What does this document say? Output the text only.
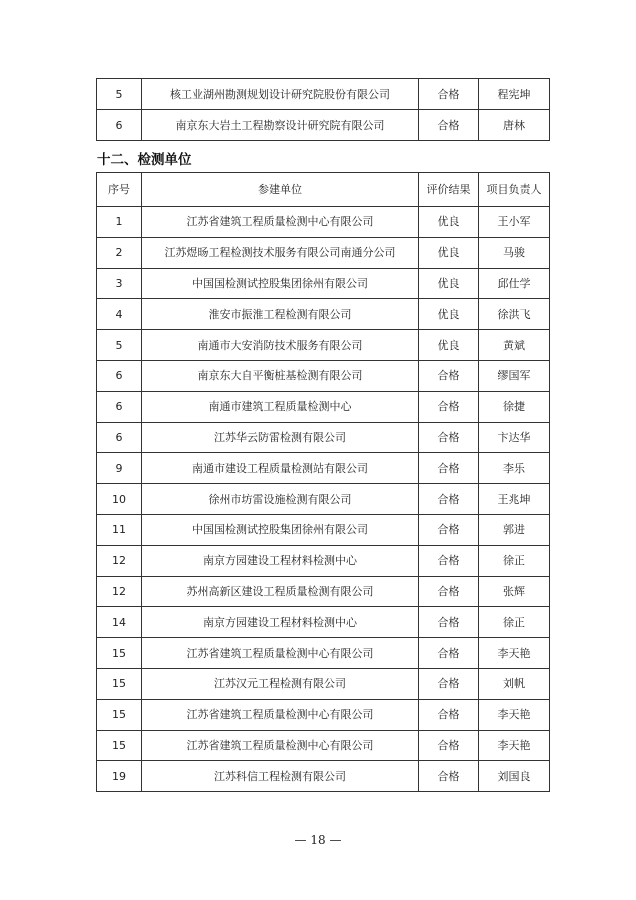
5	核工业湖州勘测规划设计研究院股份有限公司	合格	程宪坤
6	南京东大岩土工程勘察设计研究院有限公司	合格	唐林
十二、检测单位
序号	参建单位	评价结果	项目负责人
1	江苏省建筑工程质量检测中心有限公司	优良	王小军
2	江苏煜旸工程检测技术服务有限公司南通分公司	优良	马骏
3	中国国检测试控股集团徐州有限公司	优良	邱仕学
4	淮安市振淮工程检测有限公司	优良	徐洪飞
5	南通市大安消防技术服务有限公司	优良	黄斌
6	南京东大自平衡桩基检测有限公司	合格	缪国军
6	南通市建筑工程质量检测中心	合格	徐捷
6	江苏华云防雷检测有限公司	合格	卞达华
9	南通市建设工程质量检测站有限公司	合格	李乐
10	徐州市坊雷设施检测有限公司	合格	王兆坤
11	中国国检测试控股集团徐州有限公司	合格	郭进
12	南京方园建设工程材料检测中心	合格	徐正
12	苏州高新区建设工程质量检测有限公司	合格	张辉
14	南京方园建设工程材料检测中心	合格	徐正
15	江苏省建筑工程质量检测中心有限公司	合格	李天艳
15	江苏汉元工程检测有限公司	合格	刘帆
15	江苏省建筑工程质量检测中心有限公司	合格	李天艳
15	江苏省建筑工程质量检测中心有限公司	合格	李天艳
19	江苏科信工程检测有限公司	合格	刘国良
— 18 —
